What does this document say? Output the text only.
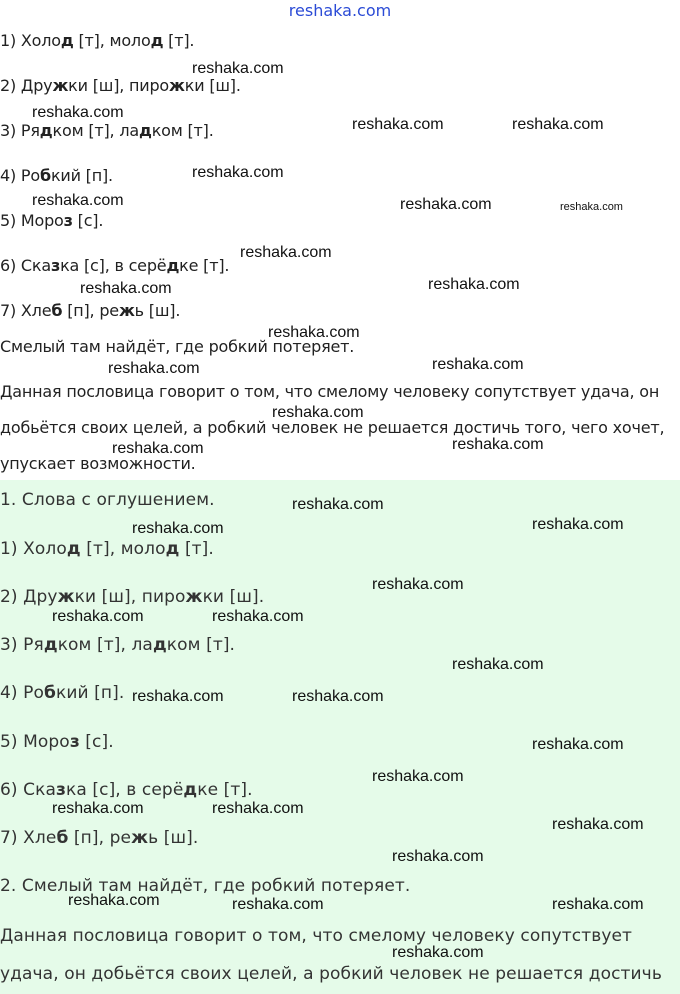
reshaka.com
1) Холод [т], молод [т].
2) Дружки [ш], пирожки [ш].
3) Рядком [т], ладком [т].
4) Робкий [п].
5) Мороз [с].
6) Сказка [с], в серёдке [т].
7) Хлеб [п], режь [ш].
Смелый там найдёт, где робкий потеряет.
Данная пословица говорит о том, что смелому человеку сопутствует удача, он
добьётся своих целей, а робкий человек не решается достичь того, чего хочет,
упускает возможности.
1. Слова с оглушением.
1) Холод [т], молод [т].
2) Дружки [ш], пирожки [ш].
3) Рядком [т], ладком [т].
4) Робкий [п].
5) Мороз [с].
6) Сказка [с], в серёдке [т].
7) Хлеб [п], режь [ш].
2. Смелый там найдёт, где робкий потеряет.
Данная пословица говорит о том, что смелому человеку сопутствует
удача, он добьётся своих целей, а робкий человек не решается достичь
reshaka.com
reshaka.com
reshaka.com	reshaka.com
reshaka.com
reshaka.com	reshaka.com	reshaka.com
reshaka.com
reshaka.com	reshaka.com
reshaka.com
reshaka.com	reshaka.com
reshaka.com
reshaka.com	reshaka.com
reshaka.com
reshaka.com	reshaka.com
reshaka.com
reshaka.com	reshaka.com
reshaka.com
reshaka.com	reshaka.com
reshaka.com
reshaka.com
reshaka.com	reshaka.com
reshaka.com
reshaka.com
reshaka.com	reshaka.com	reshaka.com
reshaka.com
